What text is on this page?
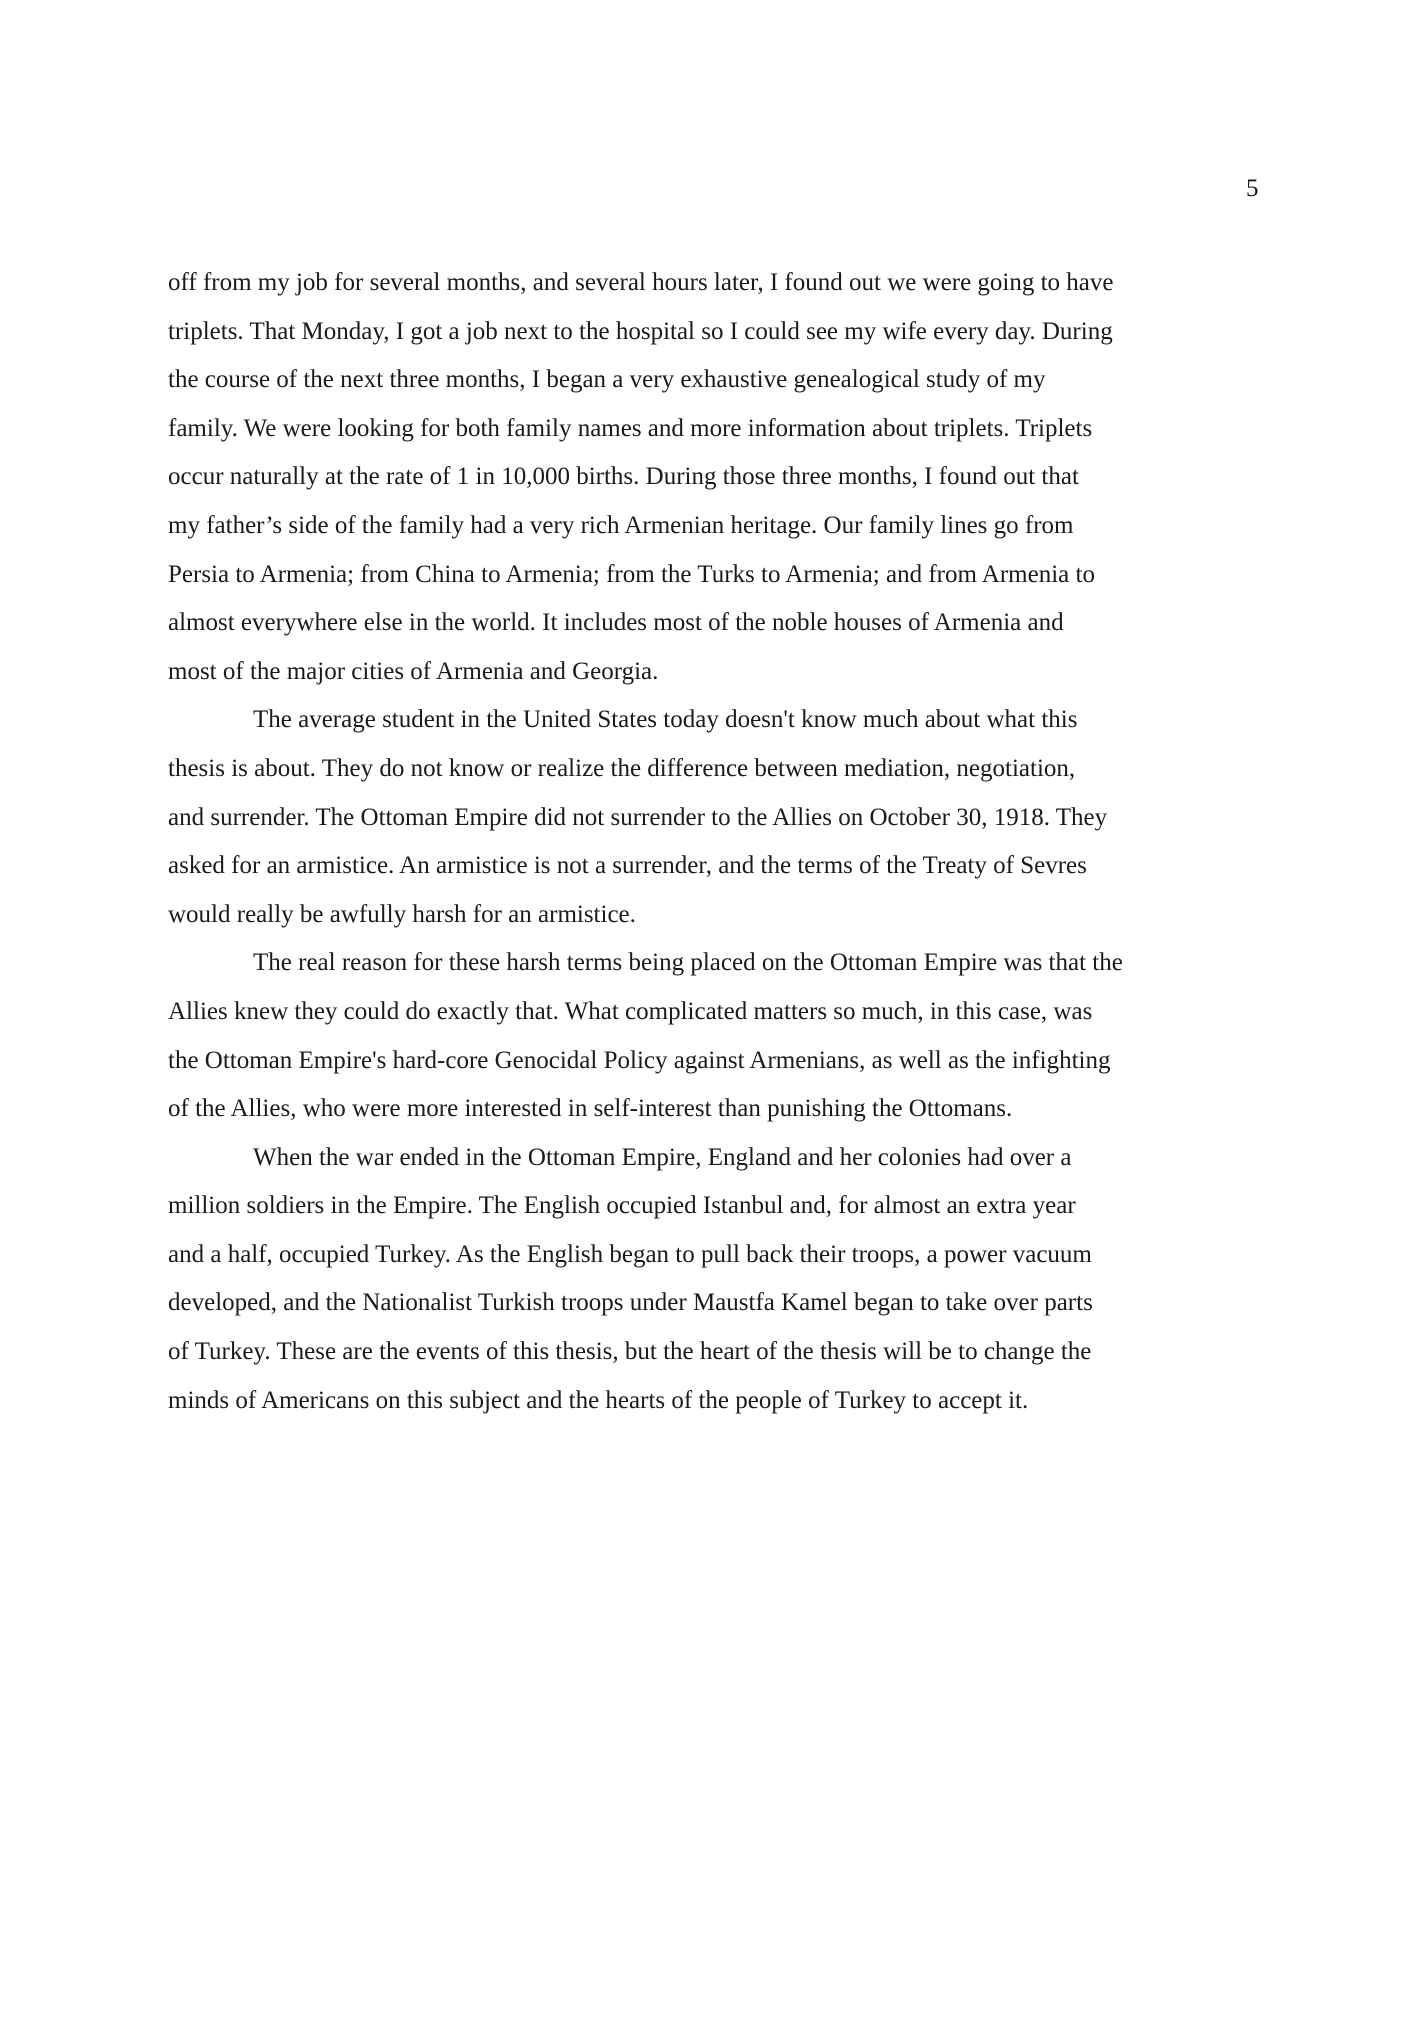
5

off from my job for several months, and several hours later, I found out we were going to have
triplets. That Monday, I got a job next to the hospital so I could see my wife every day. During
the course of the next three months, I began a very exhaustive genealogical study of my
family. We were looking for both family names and more information about triplets. Triplets
occur naturally at the rate of 1 in 10,000 births. During those three months, I found out that
my father’s side of the family had a very rich Armenian heritage. Our family lines go from
Persia to Armenia; from China to Armenia; from the Turks to Armenia; and from Armenia to
almost everywhere else in the world. It includes most of the noble houses of Armenia and
most of the major cities of Armenia and Georgia.

The average student in the United States today doesn't know much about what this
thesis is about. They do not know or realize the difference between mediation, negotiation,
and surrender. The Ottoman Empire did not surrender to the Allies on October 30, 1918. They
asked for an armistice. An armistice is not a surrender, and the terms of the Treaty of Sevres
would really be awfully harsh for an armistice.

The real reason for these harsh terms being placed on the Ottoman Empire was that the
Allies knew they could do exactly that. What complicated matters so much, in this case, was
the Ottoman Empire's hard-core Genocidal Policy against Armenians, as well as the infighting
of the Allies, who were more interested in self-interest than punishing the Ottomans.

When the war ended in the Ottoman Empire, England and her colonies had over a
million soldiers in the Empire. The English occupied Istanbul and, for almost an extra year
and a half, occupied Turkey. As the English began to pull back their troops, a power vacuum
developed, and the Nationalist Turkish troops under Maustfa Kamel began to take over parts
of Turkey. These are the events of this thesis, but the heart of the thesis will be to change the
minds of Americans on this subject and the hearts of the people of Turkey to accept it.
